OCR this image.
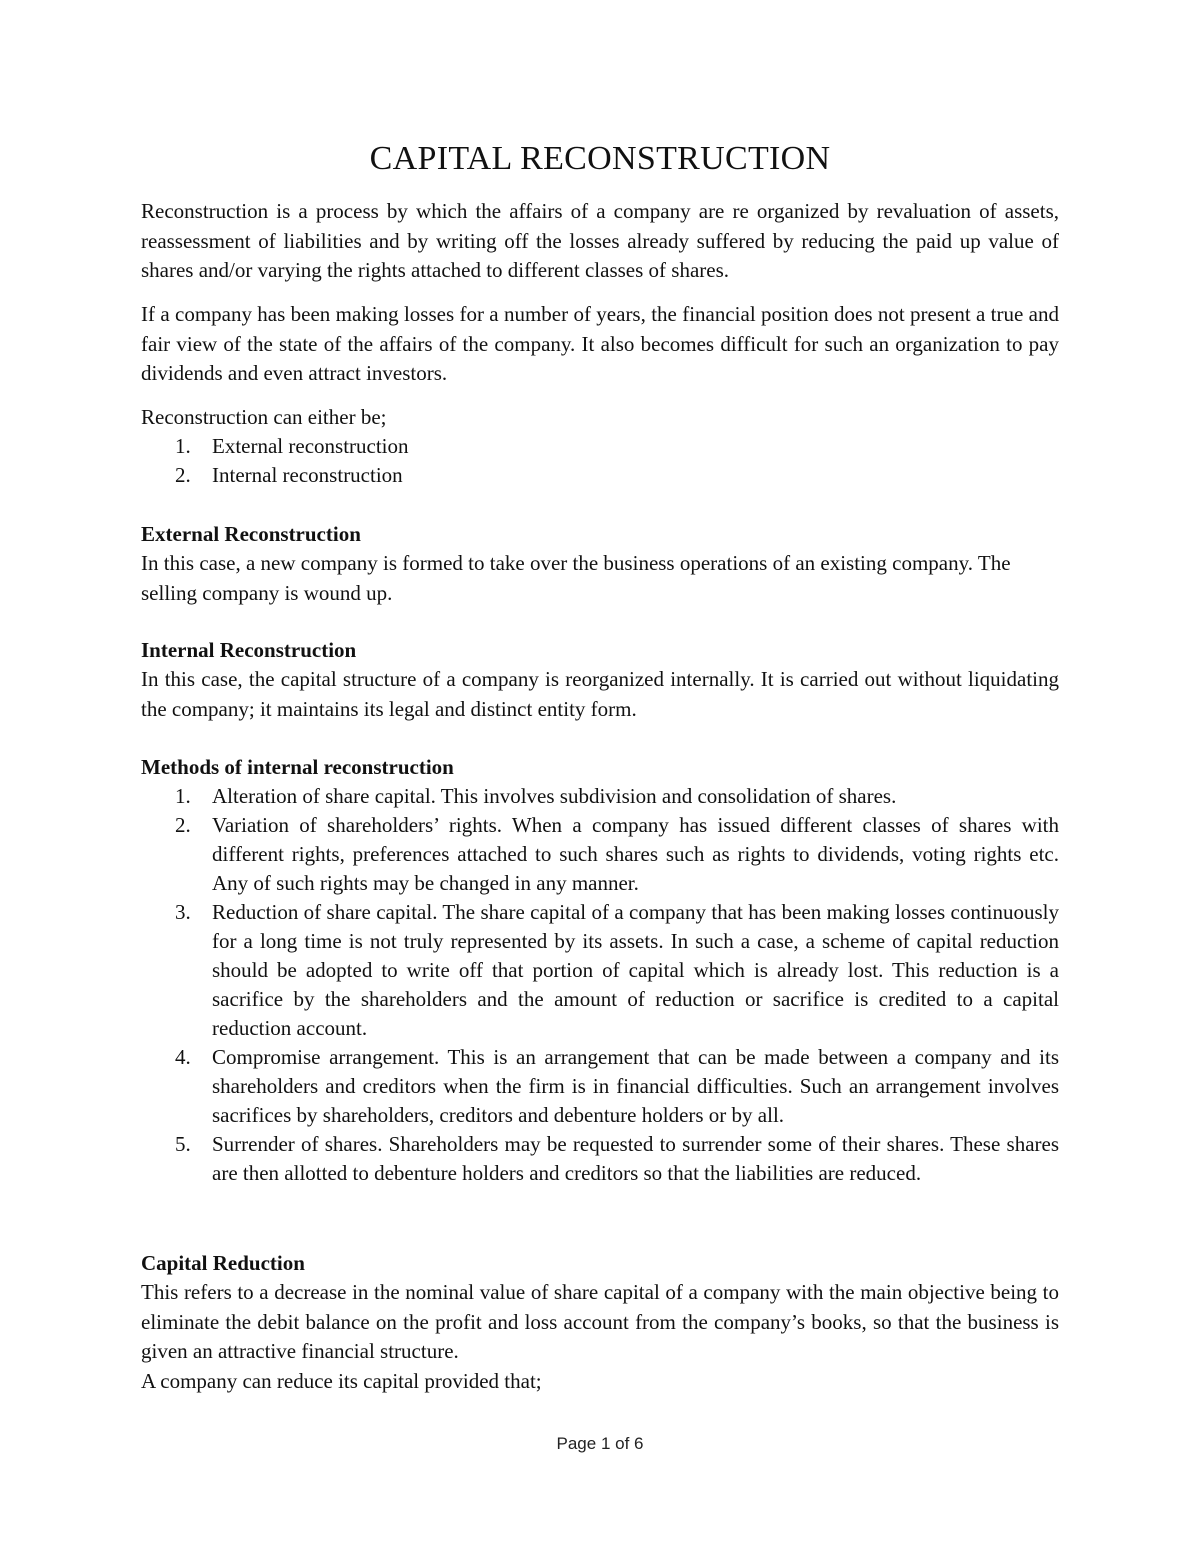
CAPITAL RECONSTRUCTION

Reconstruction is a process by which the affairs of a company are re organized by revaluation of assets, reassessment of liabilities and by writing off the losses already suffered by reducing the paid up value of shares and/or varying the rights attached to different classes of shares.

If a company has been making losses for a number of years, the financial position does not present a true and fair view of the state of the affairs of the company. It also becomes difficult for such an organization to pay dividends and even attract investors.

Reconstruction can either be;

1. External reconstruction
2. Internal reconstruction
External Reconstruction

In this case, a new company is formed to take over the business operations of an existing company. The selling company is wound up.

Internal Reconstruction

In this case, the capital structure of a company is reorganized internally. It is carried out without liquidating the company; it maintains its legal and distinct entity form.

Methods of internal reconstruction
1. Alteration of share capital. This involves subdivision and consolidation of shares.
2. Variation of shareholders’ rights. When a company has issued different classes of shares with different rights, preferences attached to such shares such as rights to dividends, voting rights etc. Any of such rights may be changed in any manner.
3. Reduction of share capital. The share capital of a company that has been making losses continuously for a long time is not truly represented by its assets. In such a case, a scheme of capital reduction should be adopted to write off that portion of capital which is already lost. This reduction is a sacrifice by the shareholders and the amount of reduction or sacrifice is credited to a capital reduction account.
4. Compromise arrangement. This is an arrangement that can be made between a company and its shareholders and creditors when the firm is in financial difficulties. Such an arrangement involves sacrifices by shareholders, creditors and debenture holders or by all.
5. Surrender of shares. Shareholders may be requested to surrender some of their shares. These shares are then allotted to debenture holders and creditors so that the liabilities are reduced.
Capital Reduction

This refers to a decrease in the nominal value of share capital of a company with the main objective being to eliminate the debit balance on the profit and loss account from the company’s books, so that the business is given an attractive financial structure.

A company can reduce its capital provided that;

Page 1 of 6
